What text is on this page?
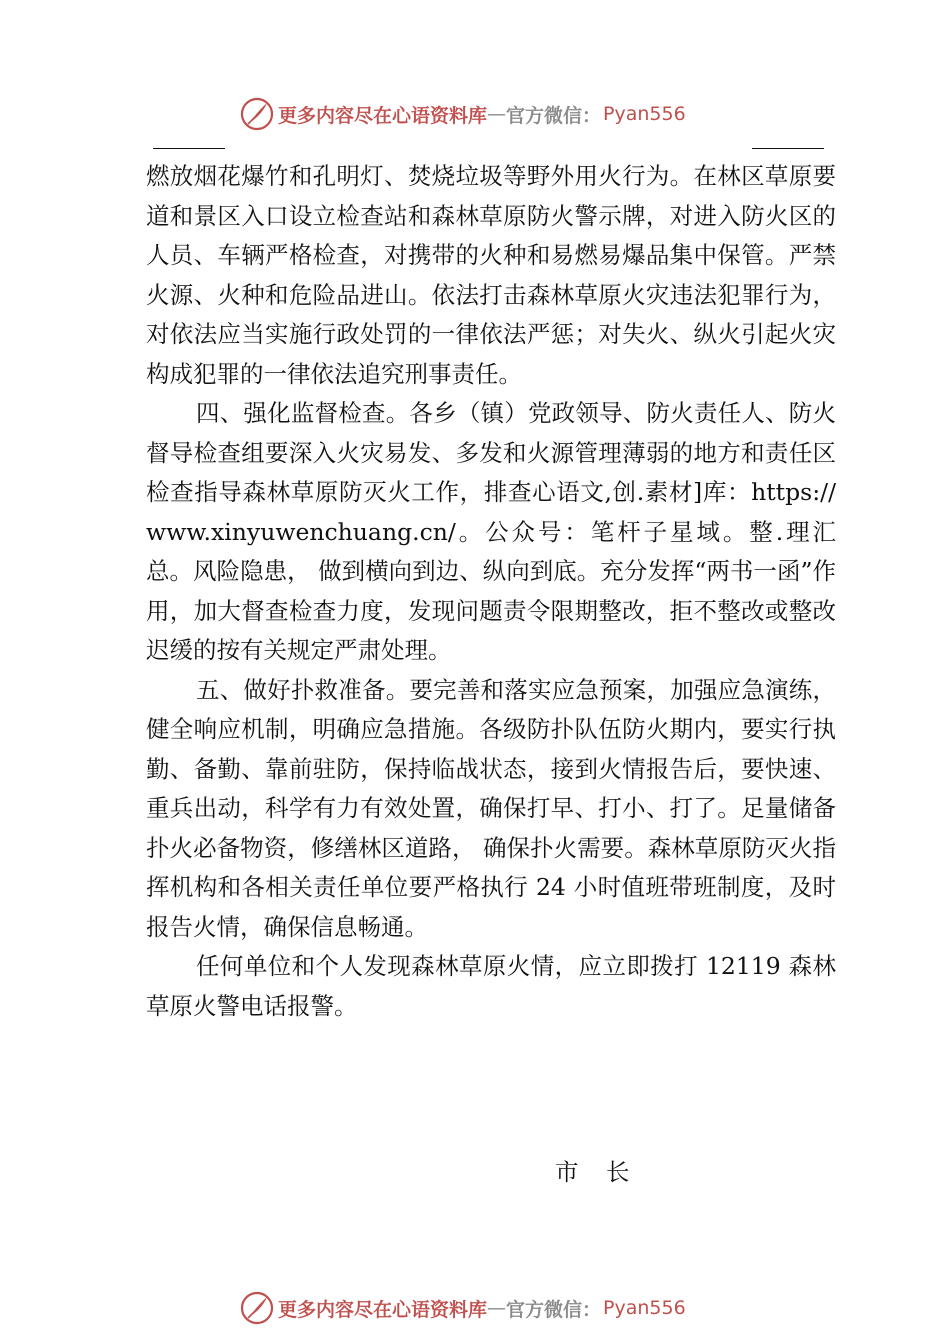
更多内容尽在心语资料库 — 官方微信： Pyan556

燃放烟花爆竹和孔明灯、焚烧垃圾等野外用火行为。在林区草原要道和景区入口设立检查站和森林草原防火警示牌，对进入防火区的人员、车辆严格检查，对携带的火种和易燃易爆品集中保管。严禁火源、火种和危险品进山。依法打击森林草原火灾违法犯罪行为，对依法应当实施行政处罚的一律依法严惩；对失火、纵火引起火灾构成犯罪的一律依法追究刑事责任。

四、强化监督检查。各乡（镇）党政领导、防火责任人、防火督导检查组要深入火灾易发、多发和火源管理薄弱的地方和责任区检查指导森林草原防灭火工作，排查心语文,创.素材]库：https://www.xinyuwenchuang.cn/。公众号：笔杆子星域。整.理汇总。风险隐患， 做到横向到边、纵向到底。充分发挥“两书一函”作用，加大督查检查力度，发现问题责令限期整改，拒不整改或整改迟缓的按有关规定严肃处理。

五、做好扑救准备。要完善和落实应急预案，加强应急演练，健全响应机制，明确应急措施。各级防扑队伍防火期内，要实行执勤、备勤、靠前驻防，保持临战状态，接到火情报告后，要快速、重兵出动，科学有力有效处置，确保打早、打小、打了。足量储备扑火必备物资，修缮林区道路， 确保扑火需要。森林草原防灭火指挥机构和各相关责任单位要严格执行 24 小时值班带班制度，及时报告火情，确保信息畅通。

任何单位和个人发现森林草原火情，应立即拨打 12119 森林草原火警电话报警。

市 长
更多内容尽在心语资料库 — 官方微信： Pyan556
